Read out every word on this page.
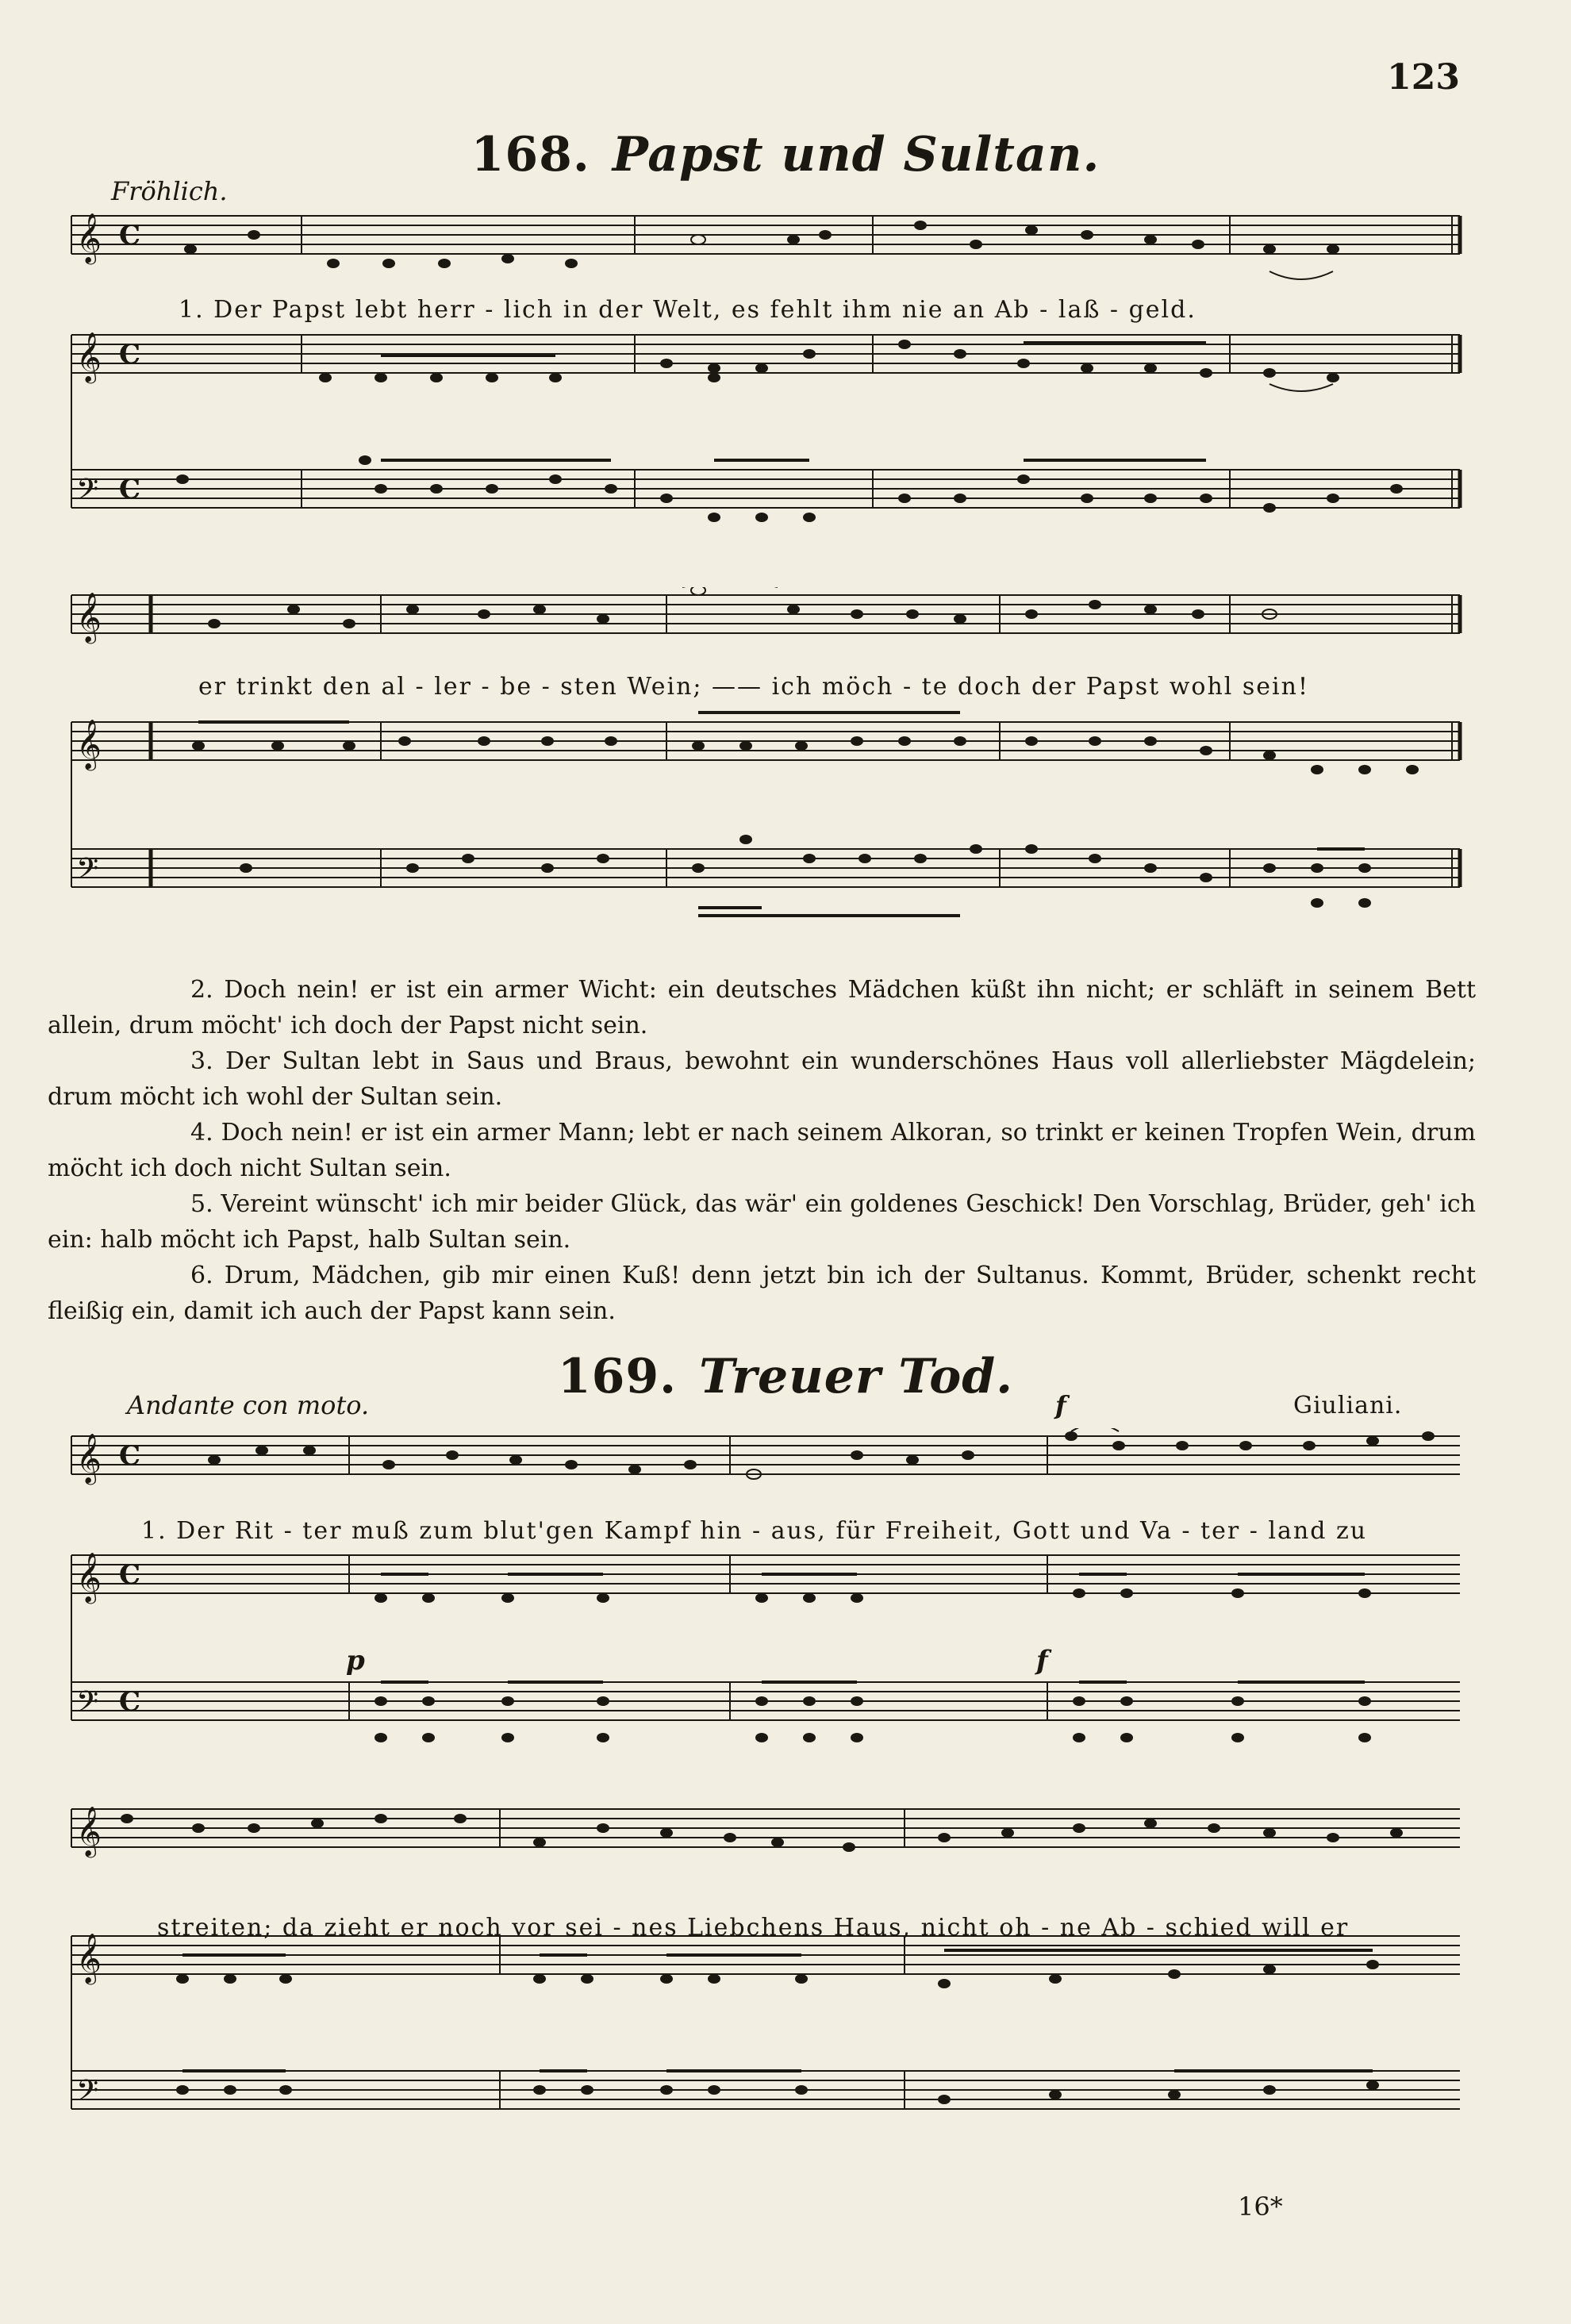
123
168. Papst und Sultan.
Fröhlich.
𝄞
𝄞
𝄢
C
C
C
1. Der Papst lebt herr - lich in der Welt, es fehlt ihm nie an Ab - laß - geld.
𝄞
𝄞
𝄢
er trinkt den al - ler - be - sten Wein; —— ich möch - te doch der Papst wohl sein!

2. Doch nein! er ist ein armer Wicht: ein deutsches Mädchen küßt ihn nicht; er schläft in seinem Bett allein, drum möcht' ich doch der Papst nicht sein.

3. Der Sultan lebt in Saus und Braus, bewohnt ein wunderschönes Haus voll allerliebster Mägdelein; drum möcht ich wohl der Sultan sein.

4. Doch nein! er ist ein armer Mann; lebt er nach seinem Alkoran, so trinkt er keinen Tropfen Wein, drum möcht ich doch nicht Sultan sein.

5. Vereint wünscht' ich mir beider Glück, das wär' ein goldenes Geschick! Den Vorschlag, Brüder, geh' ich ein: halb möcht ich Papst, halb Sultan sein.

6. Drum, Mädchen, gib mir einen Kuß! denn jetzt bin ich der Sultanus. Kommt, Brüder, schenkt recht fleißig ein, damit ich auch der Papst kann sein.

169. Treuer Tod.
Andante con moto.	Giuliani.
f
𝄞
𝄞
𝄢
C
C
C
p	f
1. Der Rit - ter muß zum blut'gen Kampf hin - aus, für Freiheit, Gott und Va - ter - land zu
𝄞
𝄞
𝄢
streiten; da zieht er noch vor sei - nes Liebchens Haus, nicht oh - ne Ab - schied will er
16*
